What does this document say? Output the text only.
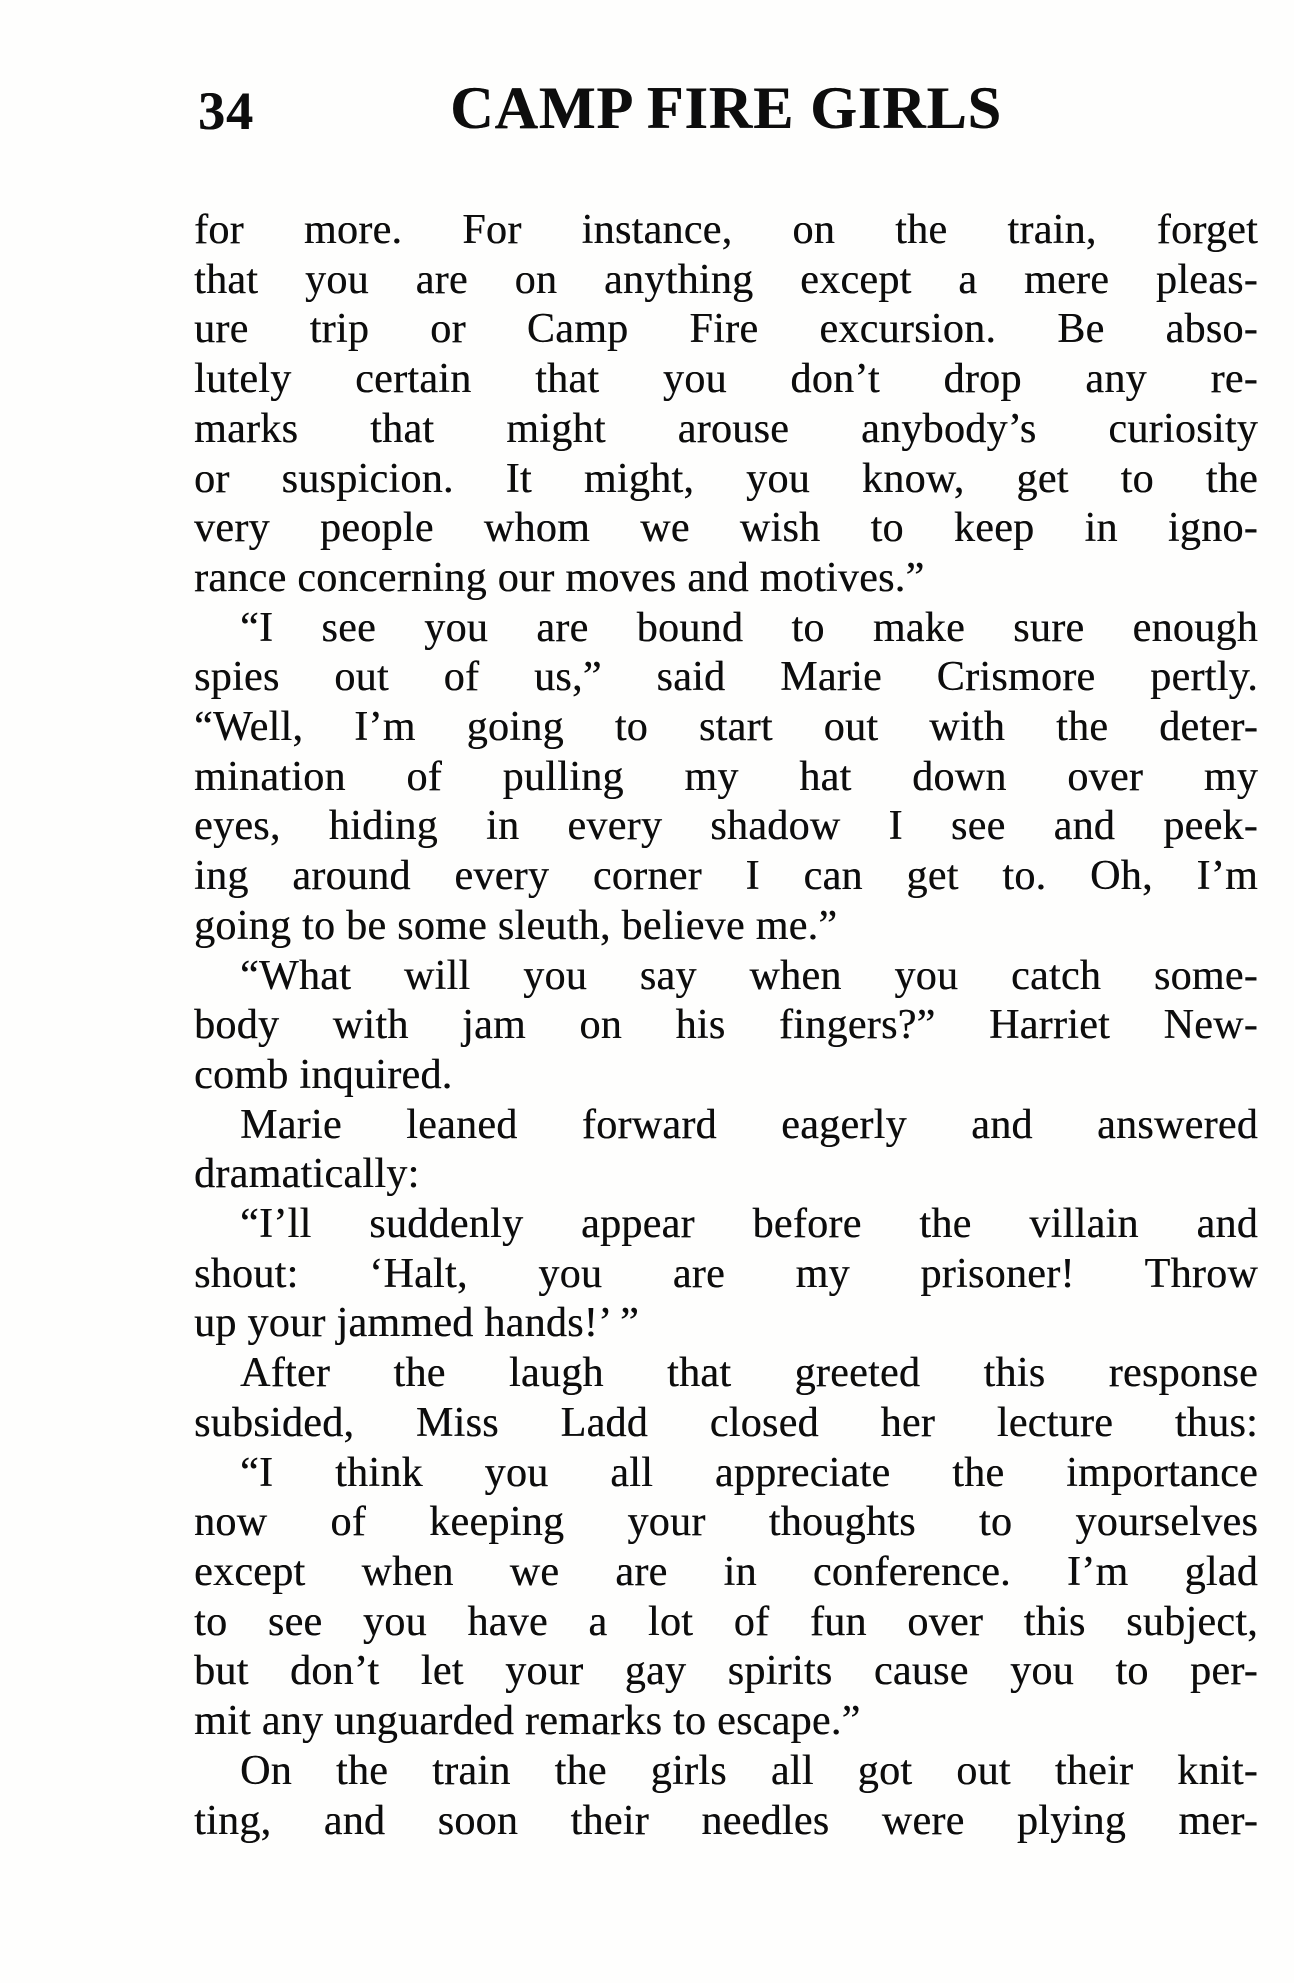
34	CAMP FIRE GIRLS
for more. For instance, on the train, forget
that you are on anything except a mere pleas-
ure trip or Camp Fire excursion. Be abso-
lutely certain that you don’t drop any re-
marks that might arouse anybody’s curiosity
or suspicion. It might, you know, get to the
very people whom we wish to keep in igno-
rance concerning our moves and motives.”
“I see you are bound to make sure enough
spies out of us,” said Marie Crismore pertly.
“Well, I’m going to start out with the deter-
mination of pulling my hat down over my
eyes, hiding in every shadow I see and peek-
ing around every corner I can get to. Oh, I’m
going to be some sleuth, believe me.”
“What will you say when you catch some-
body with jam on his fingers?” Harriet New-
comb inquired.
Marie leaned forward eagerly and answered
dramatically:
“I’ll suddenly appear before the villain and
shout: ‘Halt, you are my prisoner! Throw
up your jammed hands!’ ”
After the laugh that greeted this response
subsided, Miss Ladd closed her lecture thus:
“I think you all appreciate the importance
now of keeping your thoughts to yourselves
except when we are in conference. I’m glad
to see you have a lot of fun over this subject,
but don’t let your gay spirits cause you to per-
mit any unguarded remarks to escape.”
On the train the girls all got out their knit-
ting, and soon their needles were plying mer-
